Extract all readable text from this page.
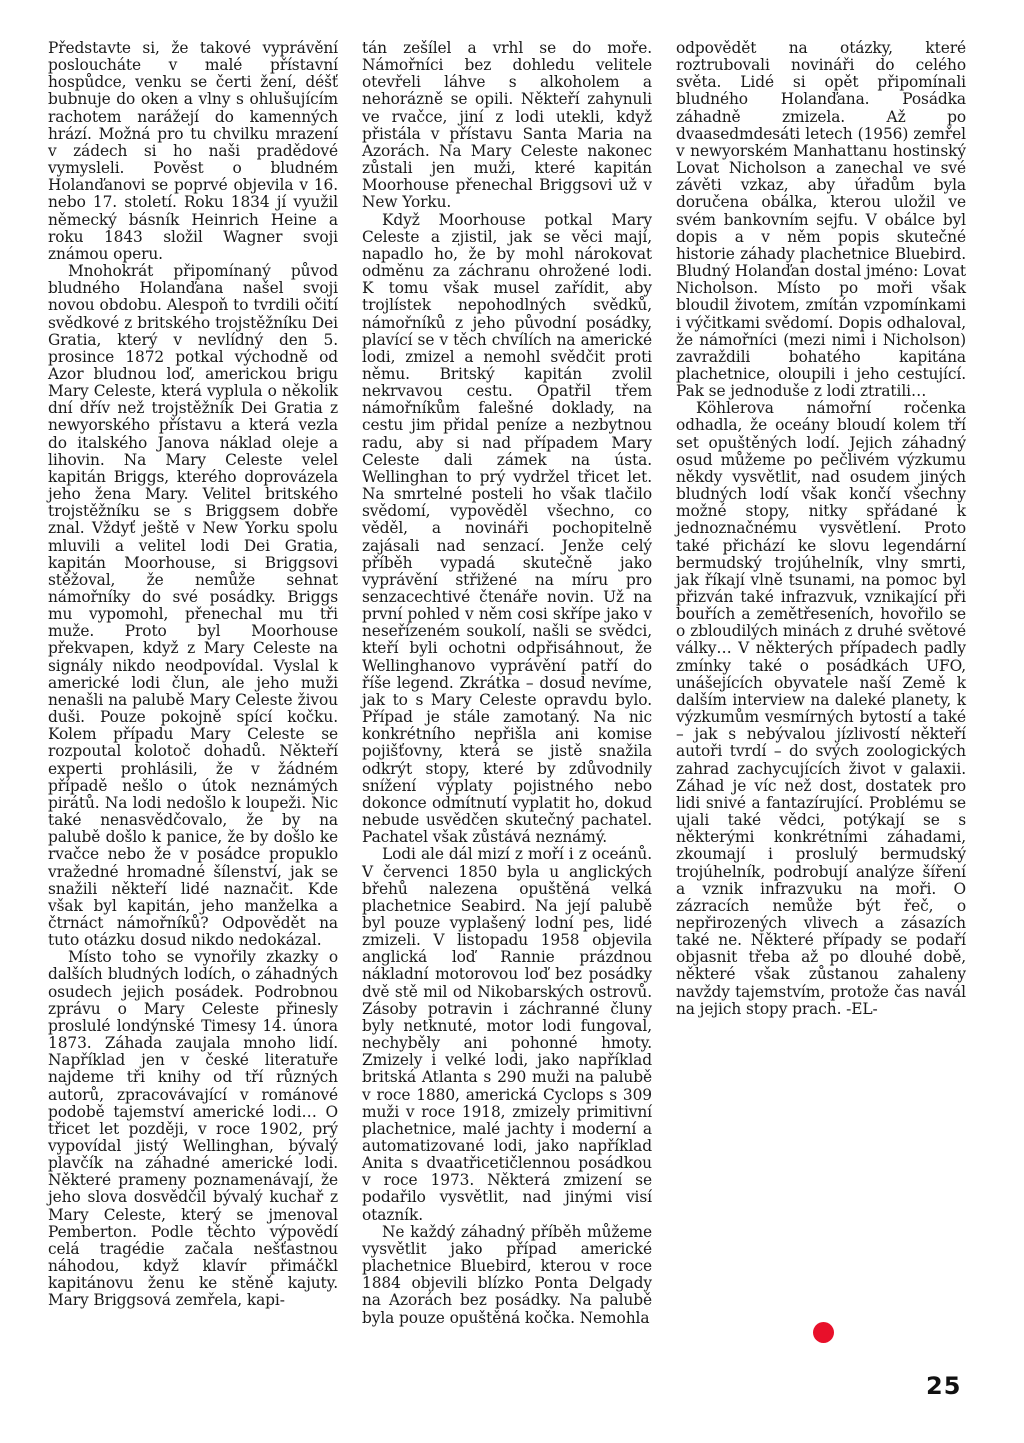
Představte si, že takové vyprávění posloucháte v malé přístavní hospůdce, venku se čerti žení, déšť bubnuje do oken a vlny s ohlušujícím rachotem narážejí do kamenných hrází. Možná pro tu chvilku mrazení v zádech si ho naši pradědové vymysleli. Pověst o bludném Holanďanovi se poprvé objevila v 16. nebo 17. století. Roku 1834 jí využil německý básník Heinrich Heine a roku 1843 složil Wagner svoji známou operu.

Mnohokrát připomínaný původ bludného Holanďana našel svoji novou obdobu. Alespoň to tvrdili očití svědkové z britského trojstěžníku Dei Gratia, který v nevlídný den 5. prosince 1872 potkal východně od Azor bludnou loď, americkou brigu Mary Celeste, která vyplula o několik dní dřív než trojstěžník Dei Gratia z newyorského přístavu a která vezla do italského Janova náklad oleje a lihovin. Na Mary Celeste velel kapitán Briggs, kterého doprovázela jeho žena Mary. Velitel britského trojstěžníku se s Briggsem dobře znal. Vždyť ještě v New Yorku spolu mluvili a velitel lodi Dei Gratia, kapitán Moorhouse, si Briggsovi stěžoval, že nemůže sehnat námořníky do své posádky. Briggs mu vypomohl, přenechal mu tři muže. Proto byl Moorhouse překvapen, když z Mary Celeste na signály nikdo neodpovídal. Vyslal k americké lodi člun, ale jeho muži nenašli na palubě Mary Celeste živou duši. Pouze pokojně spící kočku. Kolem případu Mary Celeste se rozpoutal kolotoč dohadů. Někteří experti prohlásili, že v žádném případě nešlo o útok neznámých pirátů. Na lodi nedošlo k loupeži. Nic také nenasvědčovalo, že by na palubě došlo k panice, že by došlo ke rvačce nebo že v posádce propuklo vražedné hromadné šílenství, jak se snažili někteří lidé naznačit. Kde však byl kapitán, jeho manželka a čtrnáct námořníků? Odpovědět na tuto otázku dosud nikdo nedokázal.

Místo toho se vynořily zkazky o dalších bludných lodích, o záhadných osudech jejich posádek. Podrobnou zprávu o Mary Celeste přinesly proslulé londýnské Timesy 14. února 1873. Záhada zaujala mnoho lidí. Například jen v české literatuře najdeme tři knihy od tří různých autorů, zpracovávající v románové podobě tajemství americké lodi… O třicet let později, v roce 1902, prý vypovídal jistý Wellinghan, bývalý plavčík na záhadné americké lodi. Některé prameny poznamenávají, že jeho slova dosvědčil bývalý kuchař z Mary Celeste, který se jmenoval Pemberton. Podle těchto výpovědí celá tragédie začala nešťastnou náhodou, když klavír přimáčkl kapitánovu ženu ke stěně kajuty. Mary Briggsová zemřela, kapi-

tán zešílel a vrhl se do moře. Námořníci bez dohledu velitele otevřeli láhve s alkoholem a nehorázně se opili. Někteří zahynuli ve rvačce, jiní z lodi utekli, když přistála v přístavu Santa Maria na Azorách. Na Mary Celeste nakonec zůstali jen muži, které kapitán Moorhouse přenechal Briggsovi už v New Yorku.

Když Moorhouse potkal Mary Celeste a zjistil, jak se věci mají, napadlo ho, že by mohl nárokovat odměnu za záchranu ohrožené lodi. K tomu však musel zařídit, aby trojlístek nepohodlných svědků, námořníků z jeho původní posádky, plavící se v těch chvílích na americké lodi, zmizel a nemohl svědčit proti němu. Britský kapitán zvolil nekrvavou cestu. Opatřil třem námořníkům falešné doklady, na cestu jim přidal peníze a nezbytnou radu, aby si nad případem Mary Celeste dali zámek na ústa. Wellinghan to prý vydržel třicet let. Na smrtelné posteli ho však tlačilo svědomí, vypověděl všechno, co věděl, a novináři pochopitelně zajásali nad senzací. Jenže celý příběh vypadá skutečně jako vyprávění střižené na míru pro senzacechtivé čtenáře novin. Už na první pohled v něm cosi skřípe jako v neseřízeném soukolí, našli se svědci, kteří byli ochotni odpřisáhnout, že Wellinghanovo vyprávění patří do říše legend. Zkrátka – dosud nevíme, jak to s Mary Celeste opravdu bylo. Případ je stále zamotaný. Na nic konkrétního nepřišla ani komise pojišťovny, která se jistě snažila odkrýt stopy, které by zdůvodnily snížení výplaty pojistného nebo dokonce odmítnutí vyplatit ho, dokud nebude usvědčen skutečný pachatel. Pachatel však zůstává neznámý.

Lodi ale dál mizí z moří i z oceánů. V červenci 1850 byla u anglických břehů nalezena opuštěná velká plachetnice Seabird. Na její palubě byl pouze vyplašený lodní pes, lidé zmizeli. V listopadu 1958 objevila anglická loď Rannie prázdnou nákladní motorovou loď bez posádky dvě stě mil od Nikobarských ostrovů. Zásoby potravin i záchranné čluny byly netknuté, motor lodi fungoval, nechyběly ani pohonné hmoty. Zmizely i velké lodi, jako například britská Atlanta s 290 muži na palubě v roce 1880, americká Cyclops s 309 muži v roce 1918, zmizely primitivní plachetnice, malé jachty i moderní a automatizované lodi, jako například Anita s dvaatřicetičlennou posádkou v roce 1973. Některá zmizení se podařilo vysvětlit, nad jinými visí otazník.

Ne každý záhadný příběh můžeme vysvětlit jako případ americké plachetnice Bluebird, kterou v roce 1884 objevili blízko Ponta Delgady na Azorách bez posádky. Na palubě byla pouze opuštěná kočka. Nemohla

odpovědět na otázky, které roztrubovali novináři do celého světa. Lidé si opět připomínali bludného Holanďana. Posádka záhadně zmizela. Až po dvaasedmdesáti letech (1956) zemřel v newyorském Manhattanu hostinský Lovat Nicholson a zanechal ve své závěti vzkaz, aby úřadům byla doručena obálka, kterou uložil ve svém bankovním sejfu. V obálce byl dopis a v něm popis skutečné historie záhady plachetnice Bluebird. Bludný Holanďan dostal jméno: Lovat Nicholson. Místo po moři však bloudil životem, zmítán vzpomínkami i výčitkami svědomí. Dopis odhaloval, že námořníci (mezi nimi i Nicholson) zavraždili bohatého kapitána plachetnice, oloupili i jeho cestující. Pak se jednoduše z lodi ztratili…

Köhlerova námořní ročenka odhadla, že oceány bloudí kolem tří set opuštěných lodí. Jejich záhadný osud můžeme po pečlivém výzkumu někdy vysvětlit, nad osudem jiných bludných lodí však končí všechny možné stopy, nitky spřádané k jednoznačnému vysvětlení. Proto také přichází ke slovu legendární bermudský trojúhelník, vlny smrti, jak říkají vlně tsunami, na pomoc byl přizván také infrazvuk, vznikající při bouřích a zemětřeseních, hovořilo se o zbloudilých minách z druhé světové války… V některých případech padly zmínky také o posádkách UFO, unášejících obyvatele naší Země k dalším interview na daleké planety, k výzkumům vesmírných bytostí a také – jak s nebývalou jízlivostí někteří autoři tvrdí – do svých zoologických zahrad zachycujících život v galaxii. Záhad je víc než dost, dostatek pro lidi snivé a fantazírující. Problému se ujali také vědci, potýkají se s některými konkrétními záhadami, zkoumají i proslulý bermudský trojúhelník, podrobují analýze šíření a vznik infrazvuku na moři. O zázracích nemůže být řeč, o nepřirozených vlivech a zásazích také ne. Některé případy se podaří objasnit třeba až po dlouhé době, některé však zůstanou zahaleny navždy tajemstvím, protože čas navál na jejich stopy prach. -EL-

25
